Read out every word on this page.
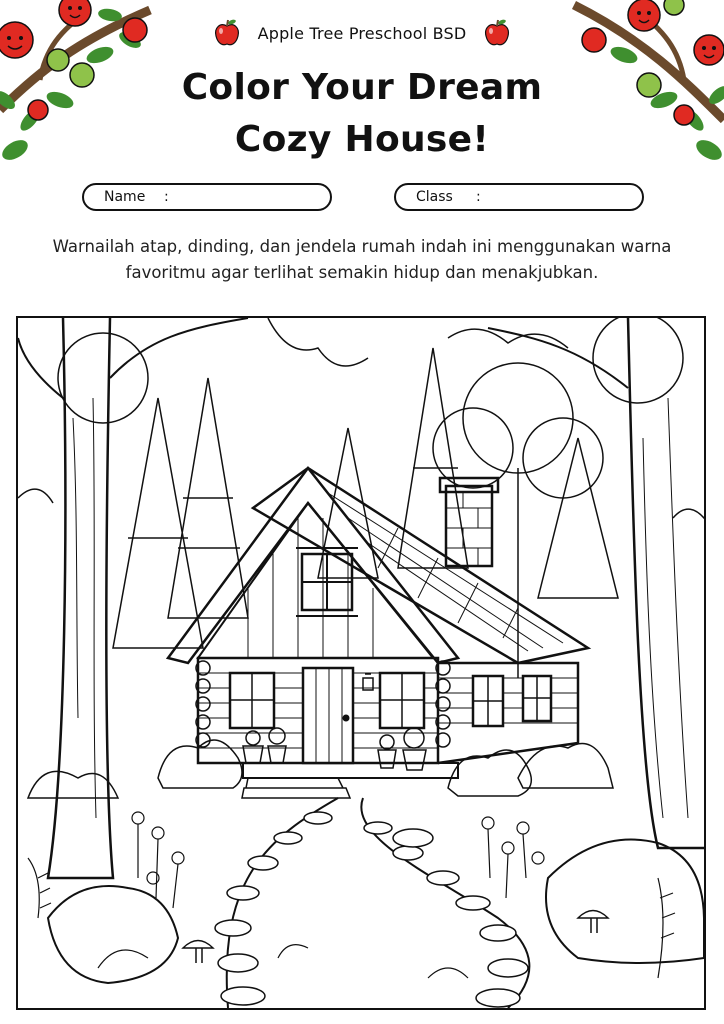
Apple Tree Preschool BSD
Color Your Dream
Cozy House!
Name	:	Class	:
Warnailah atap, dinding, dan jendela rumah indah ini menggunakan warna favoritmu agar terlihat semakin hidup dan menakjubkan.
